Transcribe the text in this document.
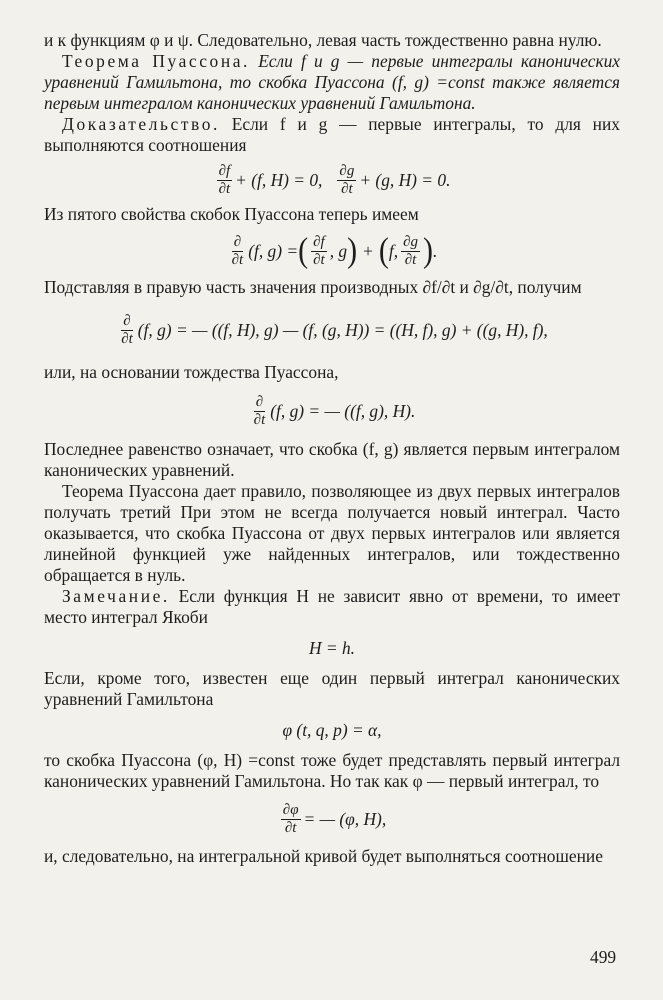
и к функциям φ и ψ. Следовательно, левая часть тождественно равна нулю.

Теорема Пуассона. Если f и g — первые интегралы канонических уравнений Гамильтона, то скобка Пуассона (f, g) =const также является первым интегралом канонических уравнений Гамильтона.

Доказательство. Если f и g — первые интегралы, то для них выполняются соотношения

$\frac{\partial f}{\partial t} + (f$, H) = 0, $\frac{\partial g}{\partial t} + (g$, H) = 0.

Из пятого свойства скобок Пуассона теперь имеем

$\frac{\partial}{\partial t} (f$, g) = ( $\frac{\partial f}{\partial t}$ , g ) + ( f, $\frac{\partial g}{\partial t}$ ) .

Подставляя в правую часть значения производных ∂f/∂t и ∂g/∂t, получим

$\frac{\partial}{\partial t} (f$, g) = — ((f, H), g) — (f, (g, H)) = ((H, f), g) + ((g, H), f),

или, на основании тождества Пуассона,

$\frac{\partial}{\partial t} (f$, g) = — ((f, g), H).

Последнее равенство означает, что скобка (f, g) является первым интегралом канонических уравнений.

Теорема Пуассона дает правило, позволяющее из двух первых интегралов получать третий При этом не всегда получается новый интеграл. Часто оказывается, что скобка Пуассона от двух первых интегралов или является линейной функцией уже найденных интегралов, или тождественно обращается в нуль.

Замечание. Если функция H не зависит явно от времени, то имеет место интеграл Якоби

H = h.

Если, кроме того, известен еще один первый интеграл канонических уравнений Гамильтона

φ (t, q, p) = α,

то скобка Пуассона (φ, H) =const тоже будет представлять первый интеграл канонических уравнений Гамильтона. Но так как φ — первый интеграл, то

$\frac{\partial\varphi}{\partial t}$ = — (φ, H),

и, следовательно, на интегральной кривой будет выполняться соотношение

499
